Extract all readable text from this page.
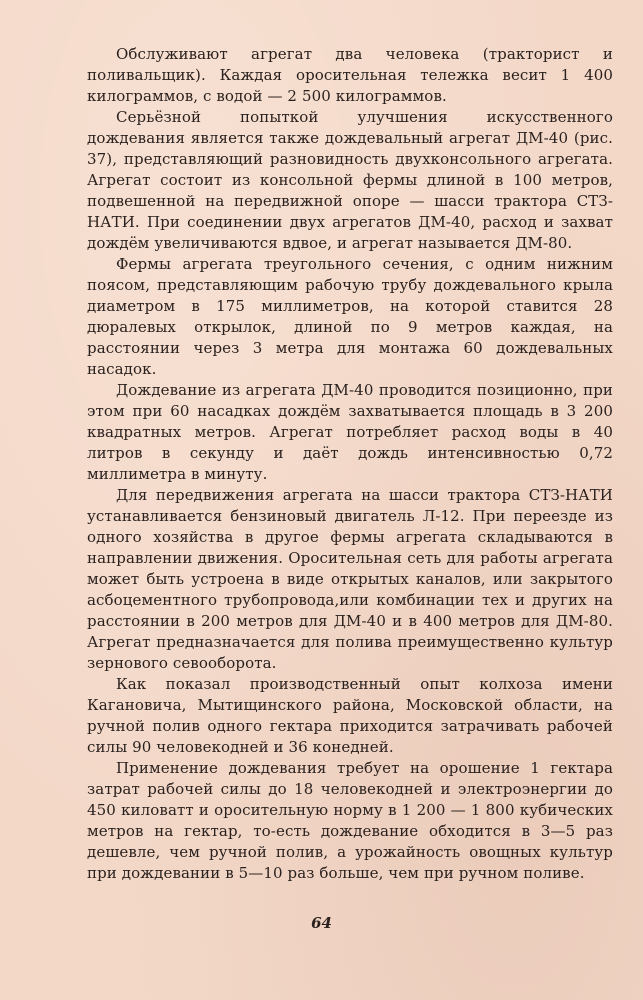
Обслуживают агрегат два человека (тракторист и поливальщик). Каждая оросительная тележка весит 1 400 килограммов, с водой — 2 500 килограммов.

Серьёзной попыткой улучшения искусственного дождевания является также дождевальный агрегат ДМ-40 (рис. 37), представляющий разновидность двухконсольного агрегата. Агрегат состоит из консольной фермы длиной в 100 метров, подвешенной на передвижной опоре — шасси трактора СТЗ-НАТИ. При соединении двух агрегатов ДМ-40, расход и захват дождём увеличиваются вдвое, и агрегат называется ДМ-80.

Фермы агрегата треугольного сечения, с одним нижним поясом, представляющим рабочую трубу дождевального крыла диаметром в 175 миллиметров, на которой ставится 28 дюралевых открылок, длиной по 9 метров каждая, на расстоянии через 3 метра для монтажа 60 дождевальных насадок.

Дождевание из агрегата ДМ-40 проводится позиционно, при этом при 60 насадках дождём захватывается площадь в 3 200 квадратных метров. Агрегат потребляет расход воды в 40 литров в секунду и даёт дождь интенсивностью 0,72 миллиметра в минуту.

Для передвижения агрегата на шасси трактора СТЗ-НАТИ устанавливается бензиновый двигатель Л-12. При переезде из одного хозяйства в другое фермы агрегата складываются в направлении движения. Оросительная сеть для работы агрегата может быть устроена в виде открытых каналов, или закрытого асбоцементного трубопровода,или комбинации тех и других на расстоянии в 200 метров для ДМ-40 и в 400 метров для ДМ-80. Агрегат предназначается для полива преимущественно культур зернового севооборота.

Как показал производственный опыт колхоза имени Кагановича, Мытищинского района, Московской области, на ручной полив одного гектара приходится затрачивать рабочей силы 90 человекодней и 36 конедней.

Применение дождевания требует на орошение 1 гектара затрат рабочей силы до 18 человекодней и электроэнергии до 450 киловатт и оросительную норму в 1 200 — 1 800 кубических метров на гектар, то-есть дождевание обходится в 3—5 раз дешевле, чем ручной полив, а урожайность овощных культур при дождевании в 5—10 раз больше, чем при ручном поливе.

64
